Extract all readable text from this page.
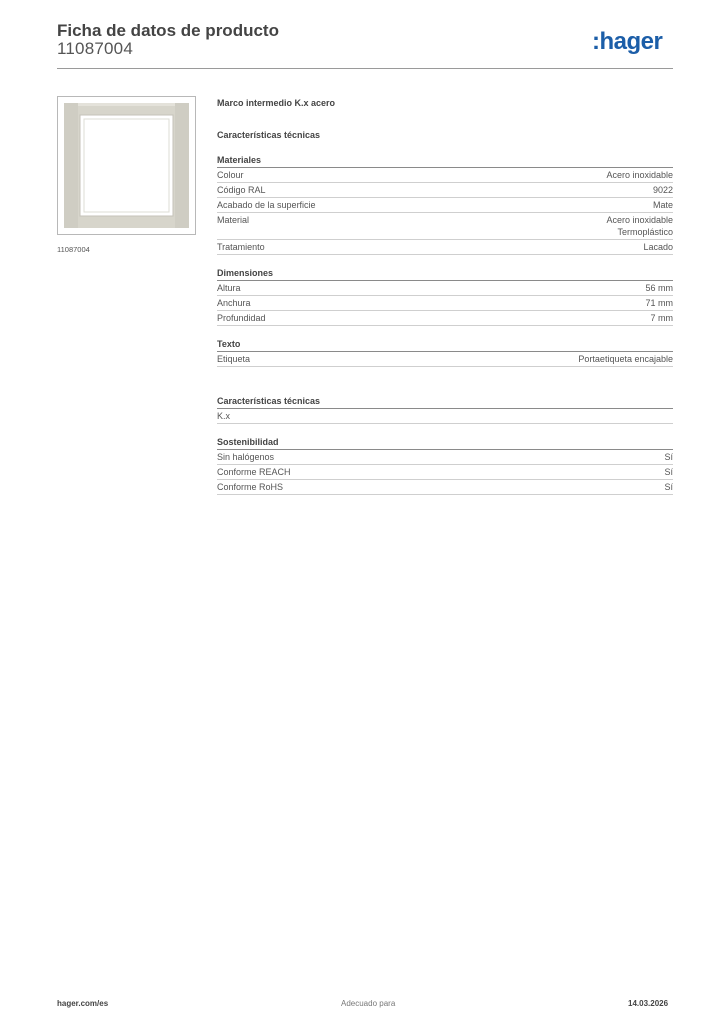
Ficha de datos de producto
11087004	:hager
11087004
Marco intermedio K.x acero
Características técnicas
Materiales
Colour	Acero inoxidable
Código RAL	9022
Acabado de la superficie	Mate
Material	Acero inoxidable
Termoplástico
Tratamiento	Lacado
Dimensiones
Altura	56 mm
Anchura	71 mm
Profundidad	7 mm
Texto
Etiqueta	Portaetiqueta encajable
Características técnicas
K.x
Sostenibilidad
Sin halógenos	Sí
Conforme REACH	Sí
Conforme RoHS	Sí
hager.com/es	Adecuado para	14.03.2026
